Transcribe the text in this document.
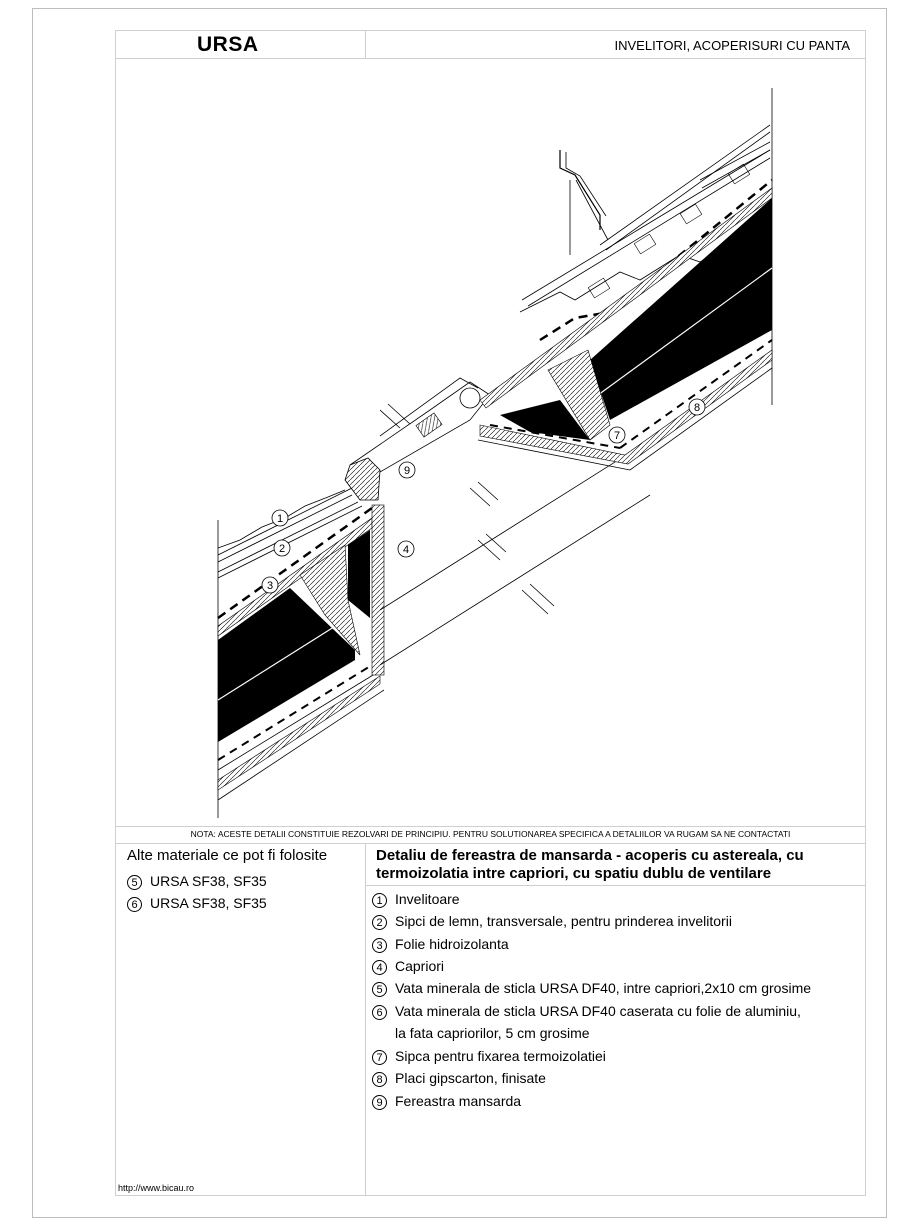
URSA	INVELITORI, ACOPERISURI CU PANTA
1
2
3
4
7
8
9
NOTA: ACESTE DETALII CONSTITUIE REZOLVARI DE PRINCIPIU. PENTRU SOLUTIONAREA SPECIFICA A DETALIILOR VA RUGAM SA NE CONTACTATI
Alte materiale ce pot fi folosite
5 URSA SF38, SF35
6 URSA SF38, SF35
Detaliu de fereastra de mansarda - acoperis cu astereala, cu termoizolatia intre capriori, cu spatiu dublu de ventilare
1 Invelitoare
2 Sipci de lemn, transversale, pentru prinderea invelitorii
3 Folie hidroizolanta
4 Capriori
5 Vata minerala de sticla URSA DF40, intre capriori,2x10 cm grosime
6 Vata minerala de sticla URSA DF40 caserata cu folie de aluminiu,
la fata capriorilor, 5 cm grosime
7 Sipca pentru fixarea termoizolatiei
8 Placi gipscarton, finisate
9 Fereastra mansarda
http://www.bicau.ro
